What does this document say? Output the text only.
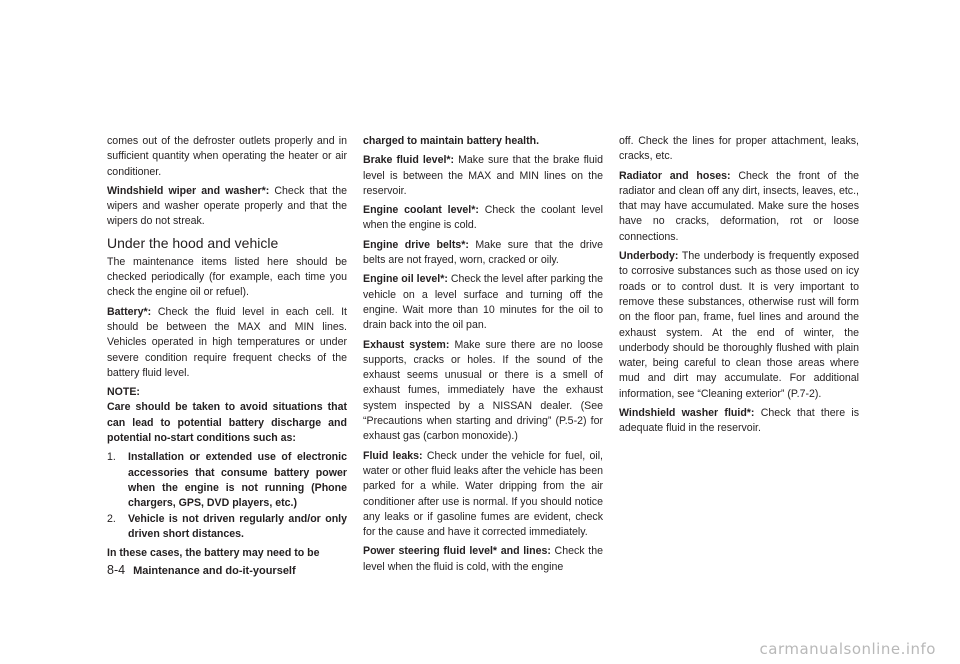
comes out of the defroster outlets properly and in sufficient quantity when operating the heater or air conditioner.

Windshield wiper and washer*: Check that the wipers and washer operate properly and that the wipers do not streak.

Under the hood and vehicle

The maintenance items listed here should be checked periodically (for example, each time you check the engine oil or refuel).

Battery*: Check the fluid level in each cell. It should be between the MAX and MIN lines. Vehicles operated in high temperatures or under severe condition require frequent checks of the battery fluid level.

NOTE:

Care should be taken to avoid situations that can lead to potential battery discharge and potential no-start conditions such as:

1. Installation or extended use of electronic accessories that consume battery power when the engine is not running (Phone chargers, GPS, DVD players, etc.)
2. Vehicle is not driven regularly and/or only driven short distances.

In these cases, the battery may need to be

charged to maintain battery health.

Brake fluid level*: Make sure that the brake fluid level is between the MAX and MIN lines on the reservoir.

Engine coolant level*: Check the coolant level when the engine is cold.

Engine drive belts*: Make sure that the drive belts are not frayed, worn, cracked or oily.

Engine oil level*: Check the level after parking the vehicle on a level surface and turning off the engine. Wait more than 10 minutes for the oil to drain back into the oil pan.

Exhaust system: Make sure there are no loose supports, cracks or holes. If the sound of the exhaust seems unusual or there is a smell of exhaust fumes, immediately have the exhaust system inspected by a NISSAN dealer. (See “Precautions when starting and driving” (P.5-2) for exhaust gas (carbon monoxide).)

Fluid leaks: Check under the vehicle for fuel, oil, water or other fluid leaks after the vehicle has been parked for a while. Water dripping from the air conditioner after use is normal. If you should notice any leaks or if gasoline fumes are evident, check for the cause and have it corrected immediately.

Power steering fluid level* and lines: Check the level when the fluid is cold, with the engine

off. Check the lines for proper attachment, leaks, cracks, etc.

Radiator and hoses: Check the front of the radiator and clean off any dirt, insects, leaves, etc., that may have accumulated. Make sure the hoses have no cracks, deformation, rot or loose connections.

Underbody: The underbody is frequently exposed to corrosive substances such as those used on icy roads or to control dust. It is very important to remove these substances, otherwise rust will form on the floor pan, frame, fuel lines and around the exhaust system. At the end of winter, the underbody should be thoroughly flushed with plain water, being careful to clean those areas where mud and dirt may accumulate. For additional information, see “Cleaning exterior” (P.7-2).

Windshield washer fluid*: Check that there is adequate fluid in the reservoir.

8-4 Maintenance and do-it-yourself
carmanualsonline.info
